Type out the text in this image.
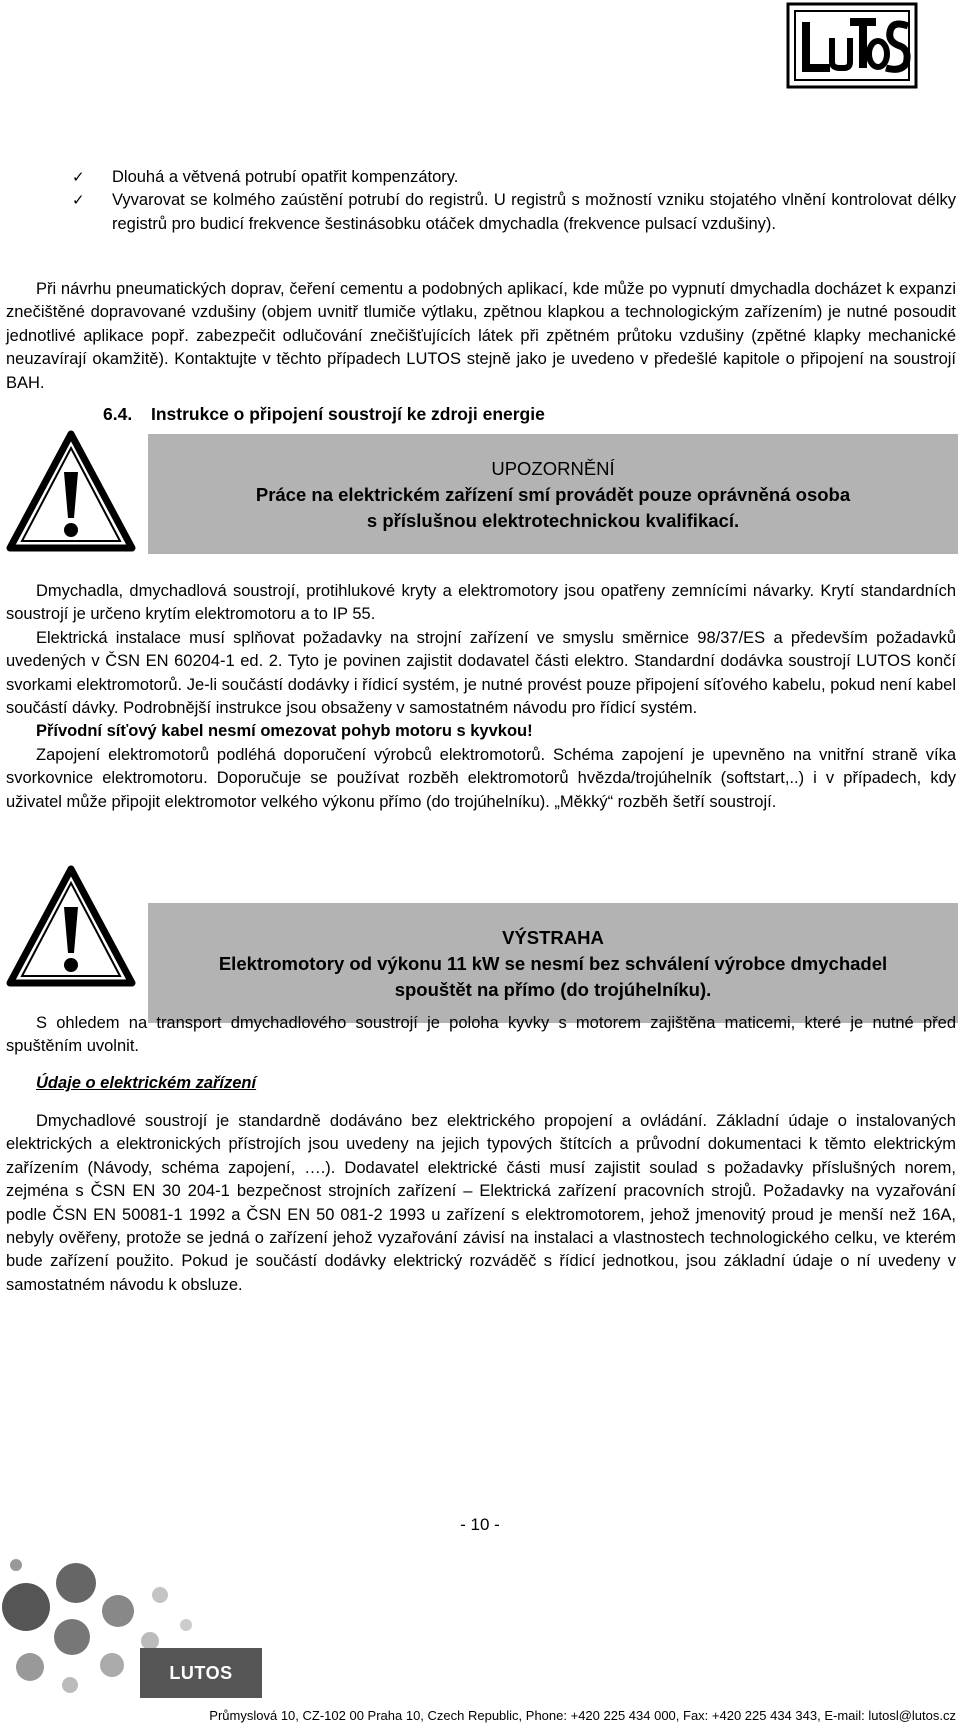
✓	Dlouhá a větvená potrubí opatřit kompenzátory.
✓	Vyvarovat se kolmého zaústění potrubí do registrů. U registrů s možností vzniku stojatého vlnění kontrolovat délky registrů pro budicí frekvence šestinásobku otáček dmychadla (frekvence pulsací vzdušiny).
Při návrhu pneumatických doprav, čeření cementu a podobných aplikací, kde může po vypnutí dmychadla docházet k expanzi znečištěné dopravované vzdušiny (objem uvnitř tlumiče výtlaku, zpětnou klapkou a technologickým zařízením) je nutné posoudit jednotlivé aplikace popř. zabezpečit odlučování znečišťujících látek při zpětném průtoku vzdušiny (zpětné klapky mechanické neuzavírají okamžitě). Kontaktujte v těchto případech LUTOS stejně jako je uvedeno v předešlé kapitole o připojení na soustrojí BAH.
6.4. Instrukce o připojení soustrojí ke zdroji energie
UPOZORNĚNÍ
Práce na elektrickém zařízení smí provádět pouze oprávněná osoba
s příslušnou elektrotechnickou kvalifikací.
Dmychadla, dmychadlová soustrojí, protihlukové kryty a elektromotory jsou opatřeny zemnícími návarky. Krytí standardních soustrojí je určeno krytím elektromotoru a to IP 55.
Elektrická instalace musí splňovat požadavky na strojní zařízení ve smyslu směrnice 98/37/ES a především požadavků uvedených v ČSN EN 60204-1 ed. 2. Tyto je povinen zajistit dodavatel části elektro. Standardní dodávka soustrojí LUTOS končí svorkami elektromotorů. Je-li součástí dodávky i řídicí systém, je nutné provést pouze připojení síťového kabelu, pokud není kabel součástí dávky. Podrobnější instrukce jsou obsaženy v samostatném návodu pro řídicí systém.
Přívodní síťový kabel nesmí omezovat pohyb motoru s kyvkou!
Zapojení elektromotorů podléhá doporučení výrobců elektromotorů. Schéma zapojení je upevněno na vnitřní straně víka svorkovnice elektromotoru. Doporučuje se používat rozběh elektromotorů hvězda/trojúhelník (softstart,..) i v případech, kdy uživatel může připojit elektromotor velkého výkonu přímo (do trojúhelníku). „Měkký“ rozběh šetří soustrojí.
VÝSTRAHA
Elektromotory od výkonu 11 kW se nesmí bez schválení výrobce dmychadel
spouštět na přímo (do trojúhelníku).
S ohledem na transport dmychadlového soustrojí je poloha kyvky s motorem zajištěna maticemi, které je nutné před spuštěním uvolnit.
Údaje o elektrickém zařízení
Dmychadlové soustrojí je standardně dodáváno bez elektrického propojení a ovládání. Základní údaje o instalovaných elektrických a elektronických přístrojích jsou uvedeny na jejich typových štítcích a průvodní dokumentaci k těmto elektrickým zařízením (Návody, schéma zapojení, ….). Dodavatel elektrické části musí zajistit soulad s požadavky příslušných norem, zejména s ČSN EN 30 204-1 bezpečnost strojních zařízení – Elektrická zařízení pracovních strojů. Požadavky na vyzařování podle ČSN EN 50081-1 1992 a ČSN EN 50 081-2 1993 u zařízení s elektromotorem, jehož jmenovitý proud je menší než 16A, nebyly ověřeny, protože se jedná o zařízení jehož vyzařování závisí na instalaci a vlastnostech technologického celku, ve kterém bude zařízení použito. Pokud je součástí dodávky elektrický rozváděč s řídicí jednotkou, jsou základní údaje o ní uvedeny v samostatném návodu k obsluze.
- 10 -
LUTOS
Průmyslová 10, CZ-102 00 Praha 10, Czech Republic, Phone: +420 225 434 000, Fax: +420 225 434 343, E-mail: lutosl@lutos.cz
